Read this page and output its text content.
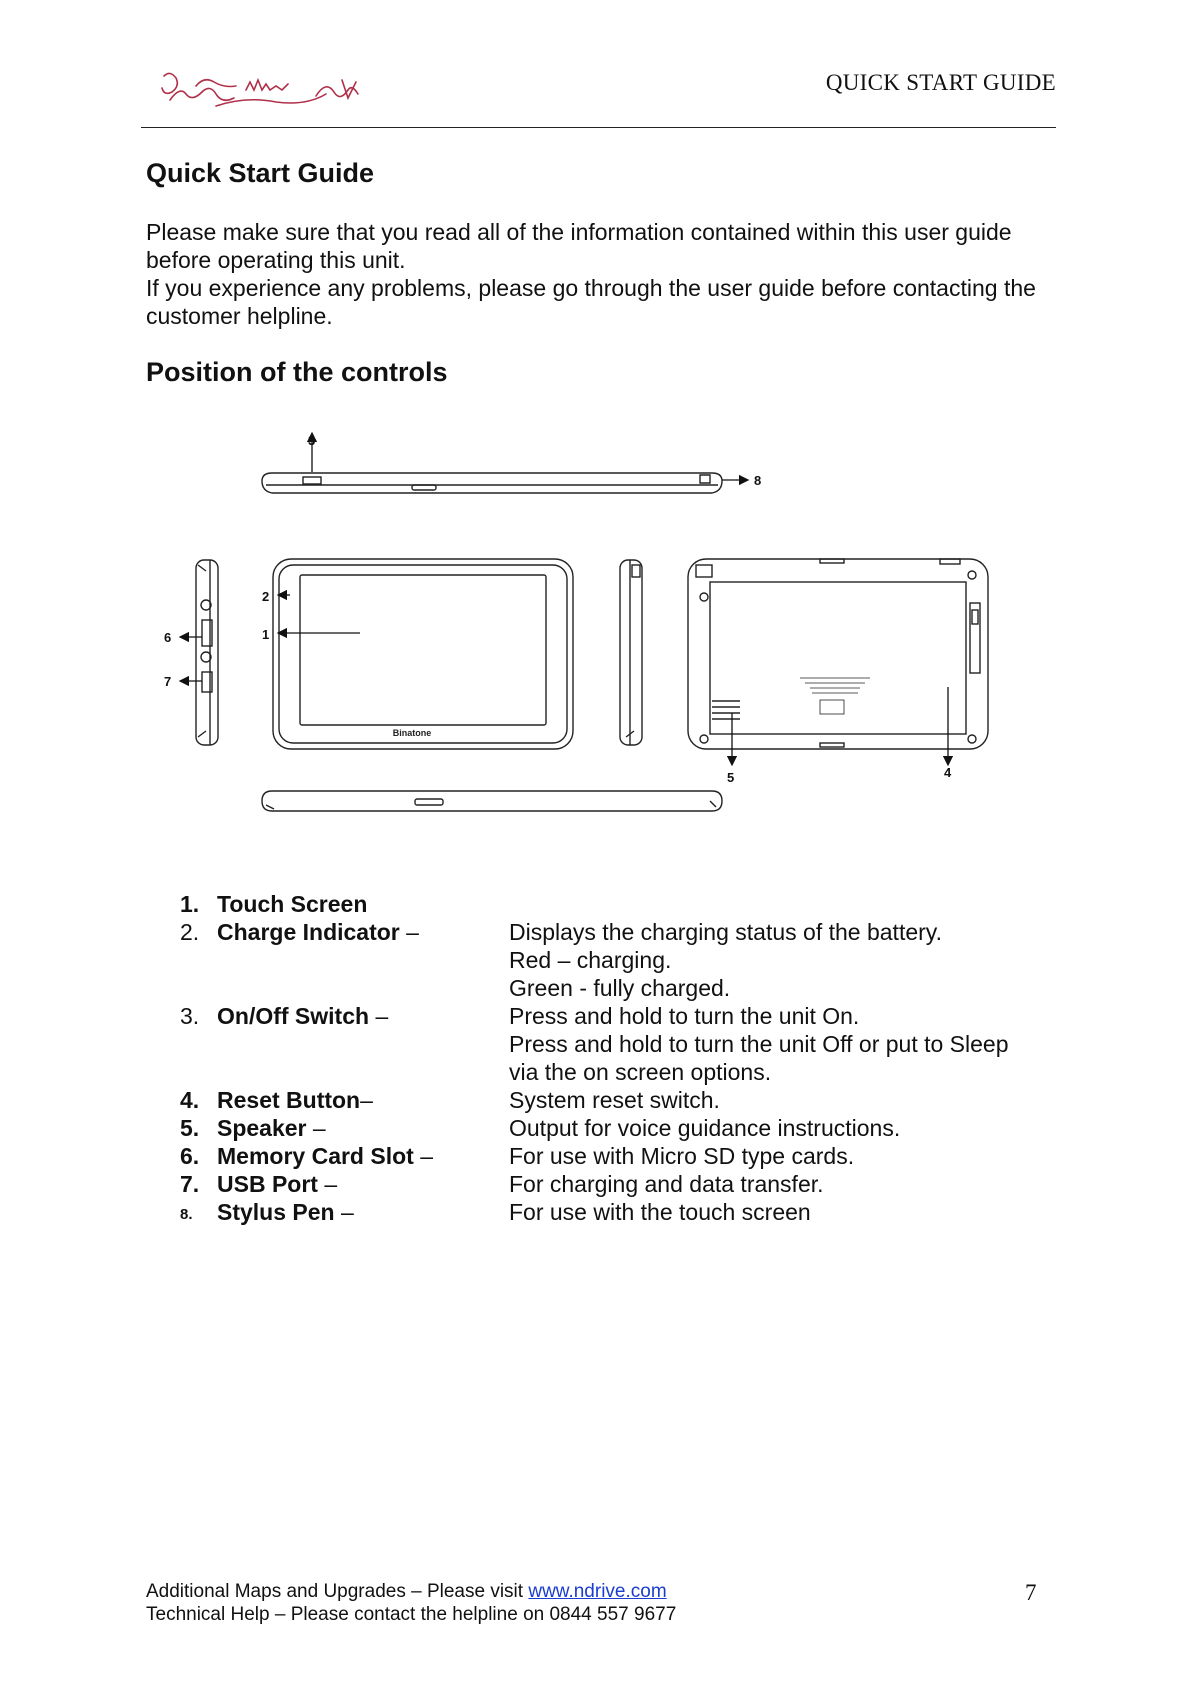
QUICK START GUIDE
Quick Start Guide

Please make sure that you read all of the information contained within this user guide before operating this unit.

If you experience any problems, please go through the user guide before contacting the customer helpline.

Position of the controls
Binatone
3
8
1
2
6
7
5	4
1. Touch Screen
2. Charge Indicator –	Displays the charging status of the battery.
Red – charging.
Green - fully charged.
3. On/Off Switch –	Press and hold to turn the unit On.
Press and hold to turn the unit Off or put to Sleep
via the on screen options.
4. Reset Button–	System reset switch.
5. Speaker –	Output for voice guidance instructions.
6. Memory Card Slot –	For use with Micro SD type cards.
7. USB Port –	For charging and data transfer.
8.	Stylus Pen –	For use with the touch screen
Additional Maps and Upgrades – Please visit www.ndrive.com
Technical Help – Please contact the helpline on 0844 557 9677
7
